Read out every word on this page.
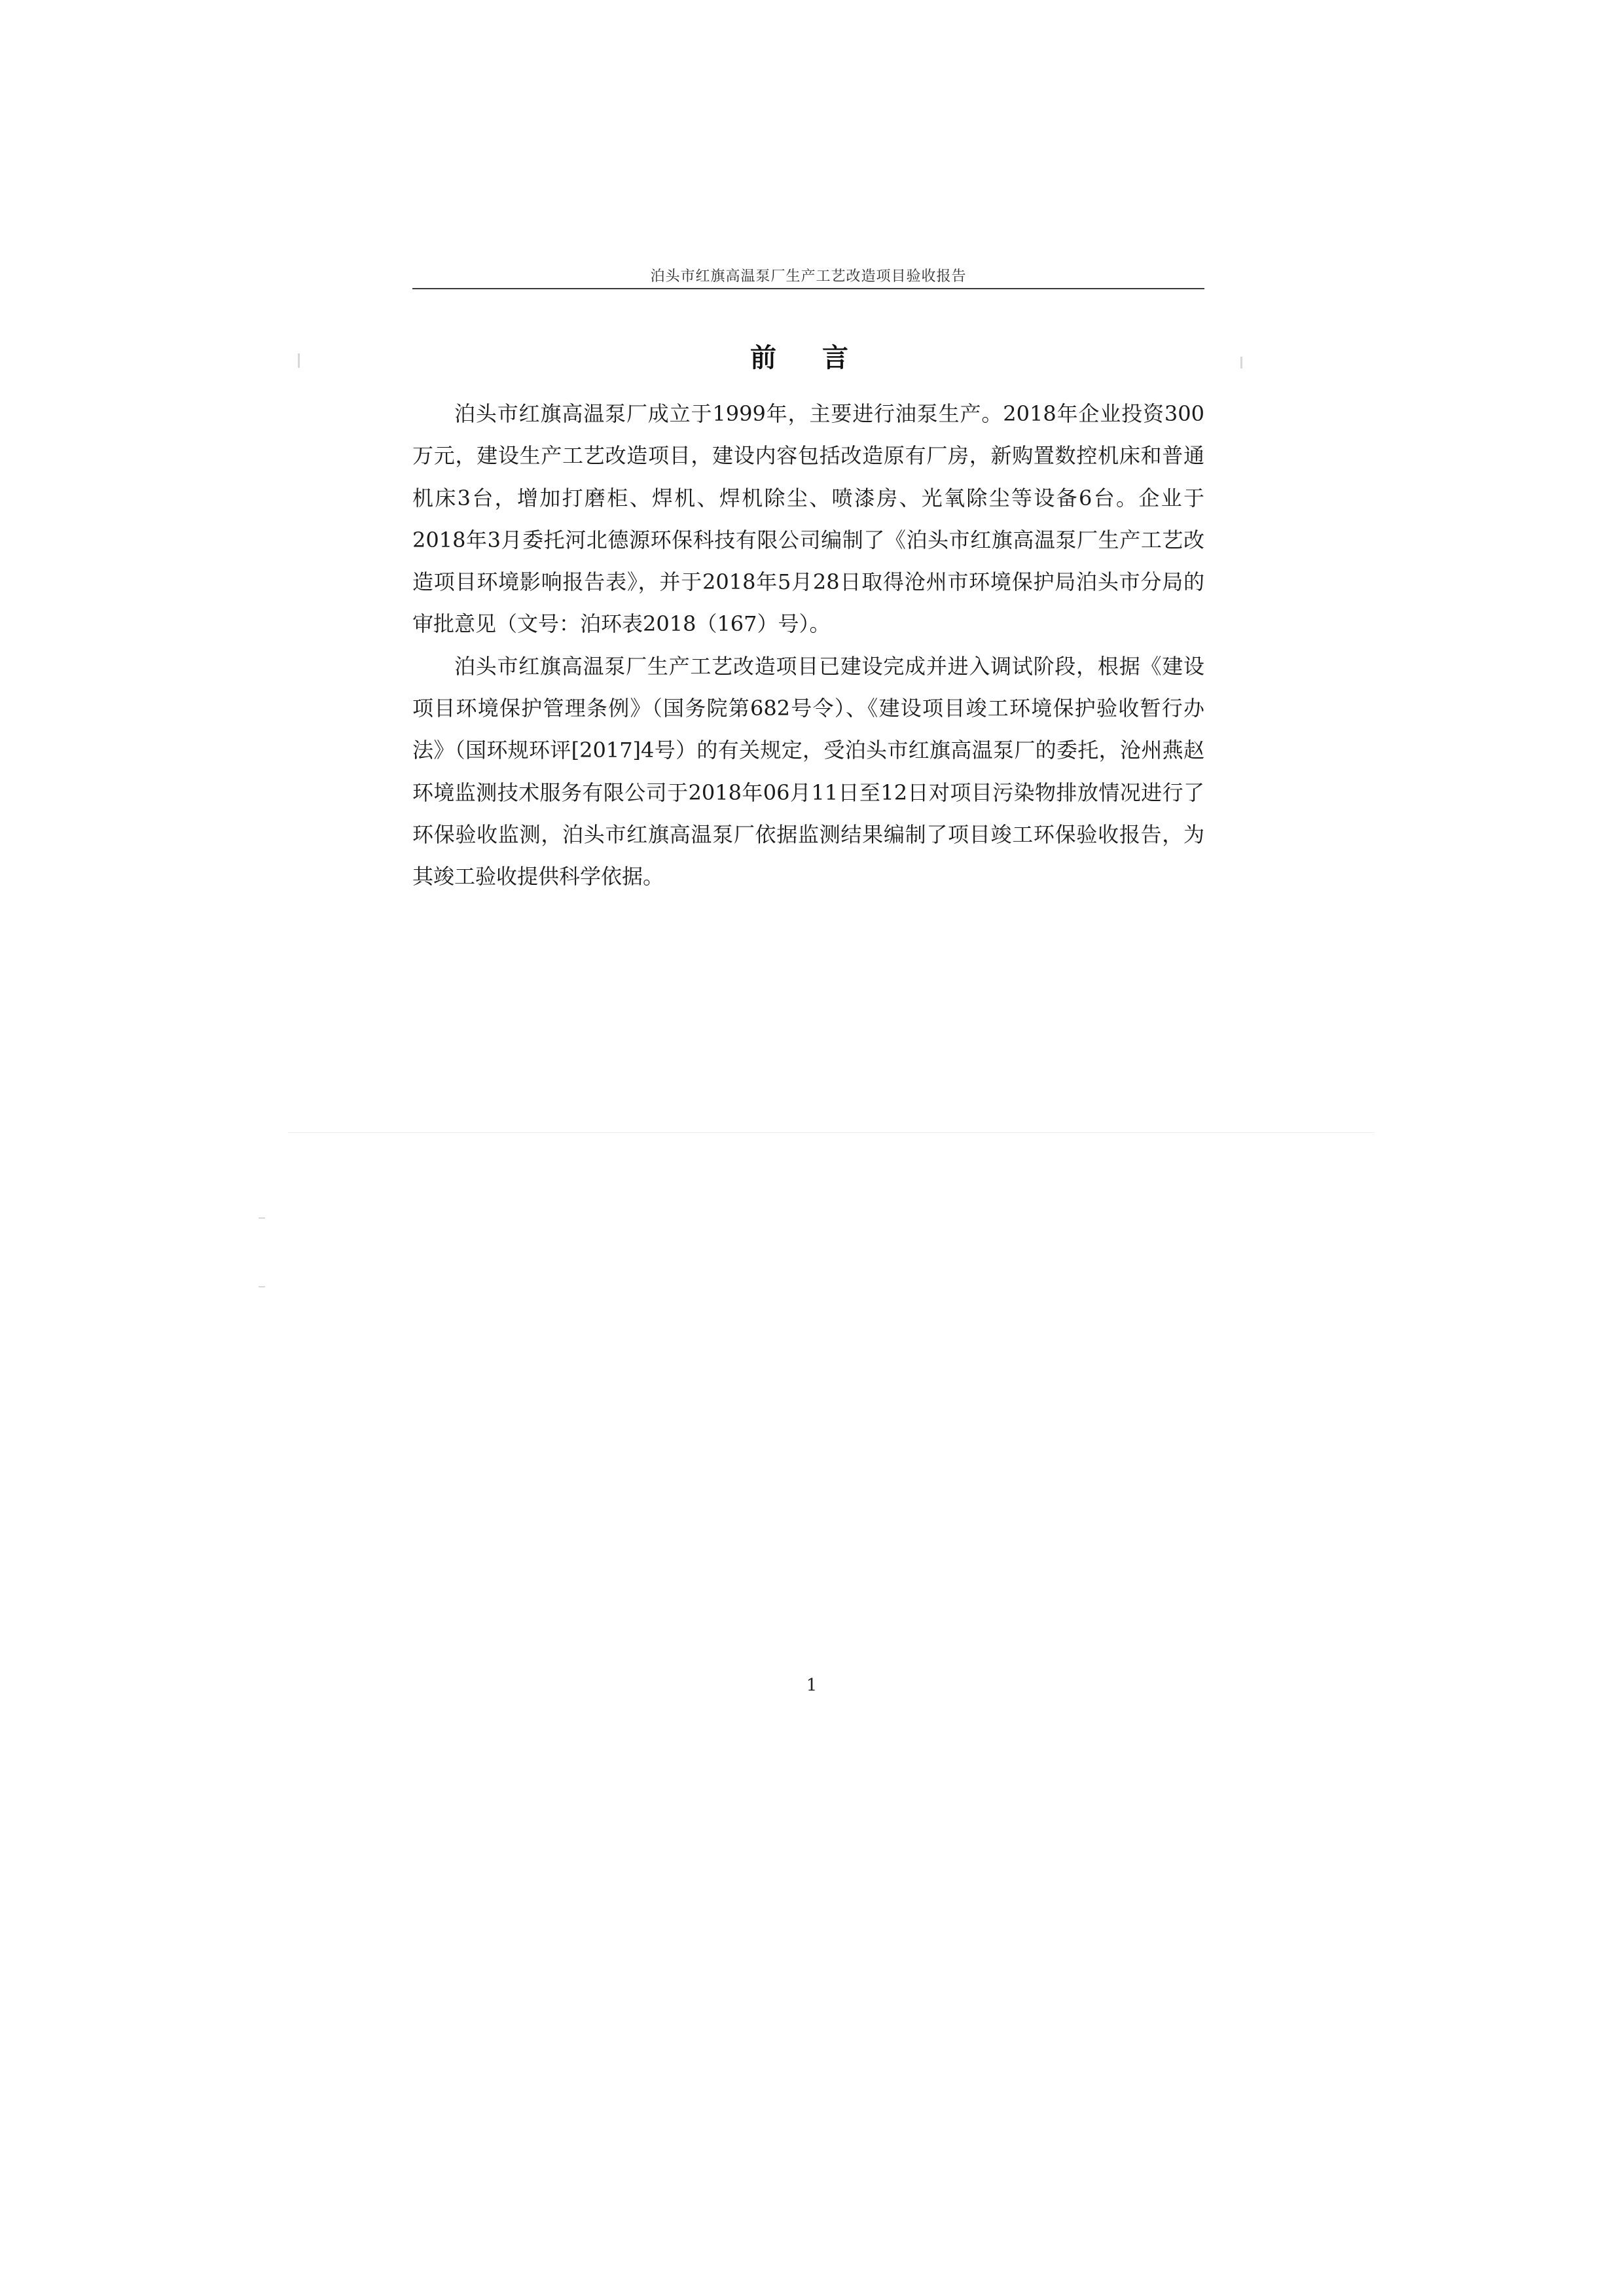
泊头市红旗高温泵厂生产工艺改造项目验收报告
前 言

泊头市红旗高温泵厂成立于1999年，主要进行油泵生产。2018年企业投资300万元，建设生产工艺改造项目，建设内容包括改造原有厂房，新购置数控机床和普通机床3台，增加打磨柜、焊机、焊机除尘、喷漆房、光氧除尘等设备6台。企业于2018年3月委托河北德源环保科技有限公司编制了《泊头市红旗高温泵厂生产工艺改造项目环境影响报告表》，并于2018年5月28日取得沧州市环境保护局泊头市分局的审批意见（文号：泊环表2018（167）号）。

泊头市红旗高温泵厂生产工艺改造项目已建设完成并进入调试阶段，根据《建设项目环境保护管理条例》（国务院第682号令）、《建设项目竣工环境保护验收暂行办法》（国环规环评[2017]4号）的有关规定，受泊头市红旗高温泵厂的委托，沧州燕赵环境监测技术服务有限公司于2018年06月11日至12日对项目污染物排放情况进行了环保验收监测，泊头市红旗高温泵厂依据监测结果编制了项目竣工环保验收报告，为其竣工验收提供科学依据。

1
